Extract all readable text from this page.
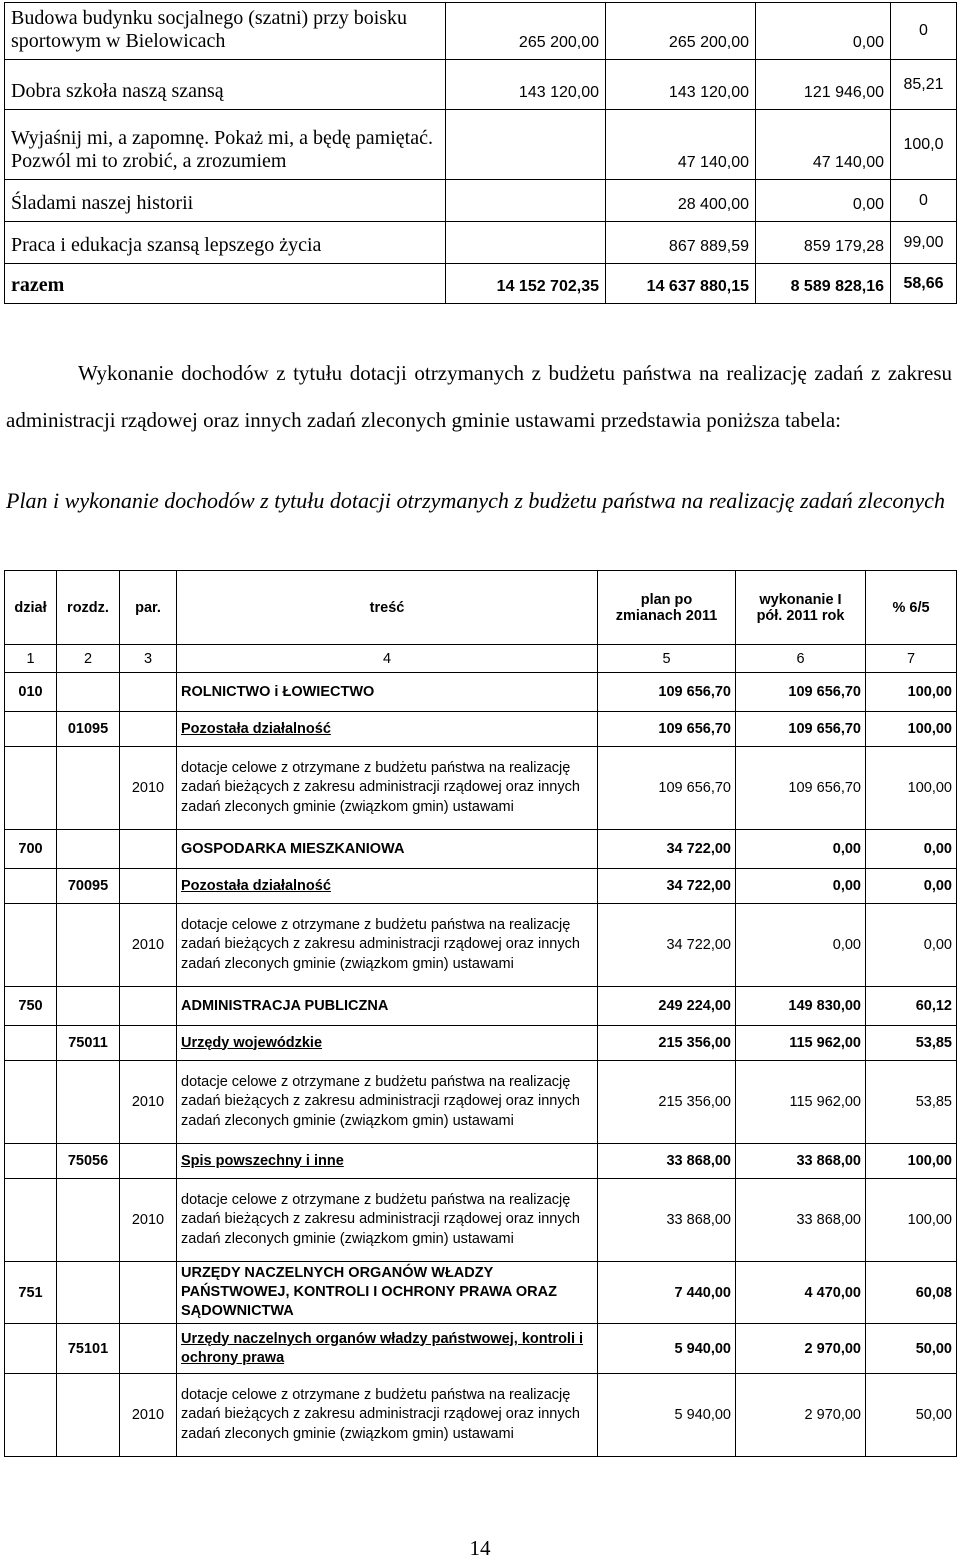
Budowa budynku socjalnego (szatni) przy boisku sportowym w Bielowicach	265 200,00	265 200,00	0,00	0
Dobra szkoła naszą szansą	143 120,00	143 120,00	121 946,00	85,21
Wyjaśnij mi, a zapomnę. Pokaż mi, a będę pamiętać. Pozwól mi to zrobić, a zrozumiem		47 140,00	47 140,00	100,0
Śladami naszej historii		28 400,00	0,00	0
Praca i edukacja szansą lepszego życia		867 889,59	859 179,28	99,00
razem	14 152 702,35	14 637 880,15	8 589 828,16	58,66

Wykonanie dochodów z tytułu dotacji otrzymanych z budżetu państwa na realizację zadań z zakresu administracji rządowej oraz innych zadań zleconych gminie ustawami przedstawia poniższa tabela:

Plan i wykonanie dochodów z tytułu dotacji otrzymanych z budżetu państwa na realizację zadań zleconych

dział	rozdz.	par.	treść	plan po zmianach 2011	wykonanie I pół. 2011 rok	% 6/5
1	2	3	4	5	6	7
010			ROLNICTWO i ŁOWIECTWO	109 656,70	109 656,70	100,00
	01095		Pozostała działalność	109 656,70	109 656,70	100,00
		2010	dotacje celowe z otrzymane z budżetu państwa na realizację zadań bieżących z zakresu administracji rządowej oraz innych zadań zleconych gminie (związkom gmin) ustawami	109 656,70	109 656,70	100,00
700			GOSPODARKA MIESZKANIOWA	34 722,00	0,00	0,00
	70095		Pozostała działalność	34 722,00	0,00	0,00
		2010	dotacje celowe z otrzymane z budżetu państwa na realizację zadań bieżących z zakresu administracji rządowej oraz innych zadań zleconych gminie (związkom gmin) ustawami	34 722,00	0,00	0,00
750			ADMINISTRACJA PUBLICZNA	249 224,00	149 830,00	60,12
	75011		Urzędy wojewódzkie	215 356,00	115 962,00	53,85
		2010	dotacje celowe z otrzymane z budżetu państwa na realizację zadań bieżących z zakresu administracji rządowej oraz innych zadań zleconych gminie (związkom gmin) ustawami	215 356,00	115 962,00	53,85
	75056		Spis powszechny i inne	33 868,00	33 868,00	100,00
		2010	dotacje celowe z otrzymane z budżetu państwa na realizację zadań bieżących z zakresu administracji rządowej oraz innych zadań zleconych gminie (związkom gmin) ustawami	33 868,00	33 868,00	100,00
751			URZĘDY NACZELNYCH ORGANÓW WŁADZY PAŃSTWOWEJ, KONTROLI I OCHRONY PRAWA ORAZ SĄDOWNICTWA	7 440,00	4 470,00	60,08
	75101		Urzędy naczelnych organów władzy państwowej, kontroli i ochrony prawa	5 940,00	2 970,00	50,00
		2010	dotacje celowe z otrzymane z budżetu państwa na realizację zadań bieżących z zakresu administracji rządowej oraz innych zadań zleconych gminie (związkom gmin) ustawami	5 940,00	2 970,00	50,00
14
